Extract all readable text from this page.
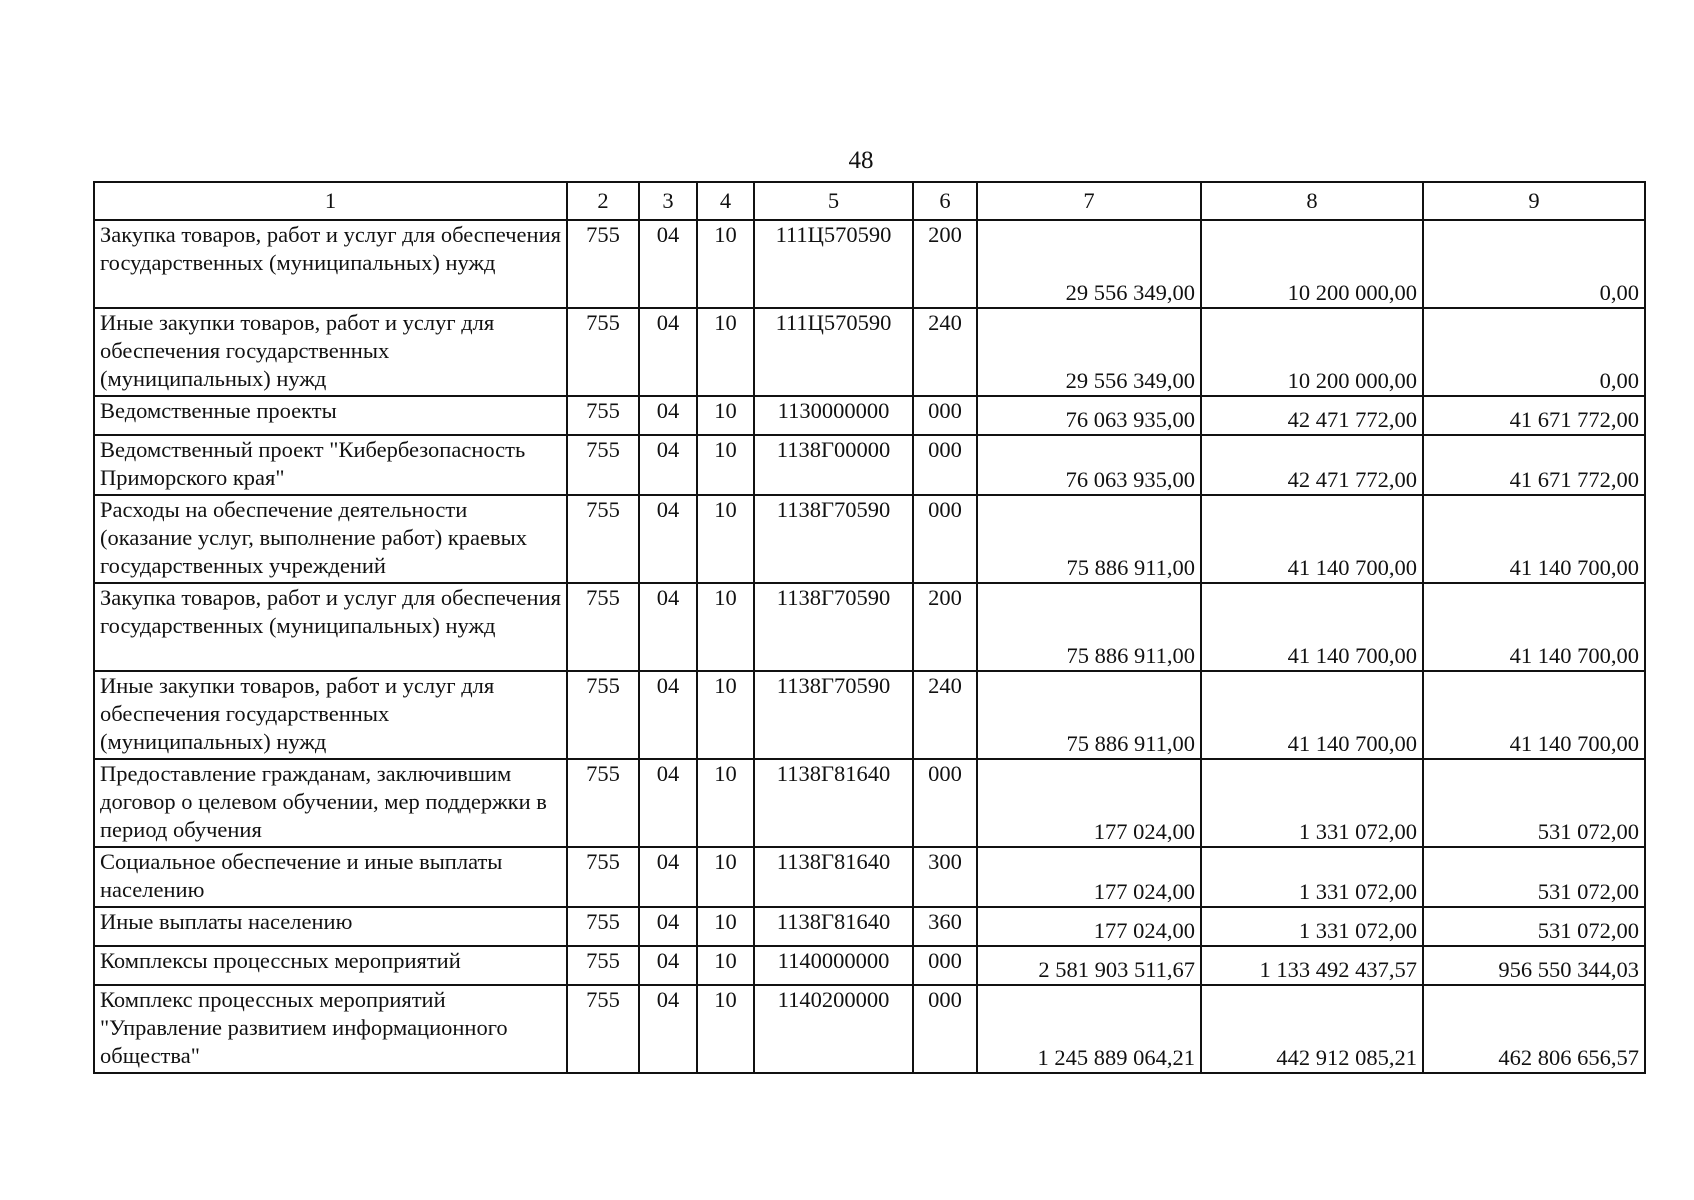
48
1	2	3	4	5	6	7	8	9
Закупка товаров, работ и услуг для обеспечения государственных (муниципальных) нужд	755	04	10	111Ц570590	200	29 556 349,00	10 200 000,00	0,00
Иные закупки товаров, работ и услуг для обеспечения государственных (муниципальных) нужд	755	04	10	111Ц570590	240	29 556 349,00	10 200 000,00	0,00
Ведомственные проекты	755	04	10	1130000000	000	76 063 935,00	42 471 772,00	41 671 772,00
Ведомственный проект "Кибербезопасность Приморского края"	755	04	10	1138Г00000	000	76 063 935,00	42 471 772,00	41 671 772,00
Расходы на обеспечение деятельности (оказание услуг, выполнение работ) краевых государственных учреждений	755	04	10	1138Г70590	000	75 886 911,00	41 140 700,00	41 140 700,00
Закупка товаров, работ и услуг для обеспечения государственных (муниципальных) нужд	755	04	10	1138Г70590	200	75 886 911,00	41 140 700,00	41 140 700,00
Иные закупки товаров, работ и услуг для обеспечения государственных (муниципальных) нужд	755	04	10	1138Г70590	240	75 886 911,00	41 140 700,00	41 140 700,00
Предоставление гражданам, заключившим договор о целевом обучении, мер поддержки в период обучения	755	04	10	1138Г81640	000	177 024,00	1 331 072,00	531 072,00
Социальное обеспечение и иные выплаты населению	755	04	10	1138Г81640	300	177 024,00	1 331 072,00	531 072,00
Иные выплаты населению	755	04	10	1138Г81640	360	177 024,00	1 331 072,00	531 072,00
Комплексы процессных мероприятий	755	04	10	1140000000	000	2 581 903 511,67	1 133 492 437,57	956 550 344,03
Комплекс процессных мероприятий "Управление развитием информационного общества"	755	04	10	1140200000	000	1 245 889 064,21	442 912 085,21	462 806 656,57
